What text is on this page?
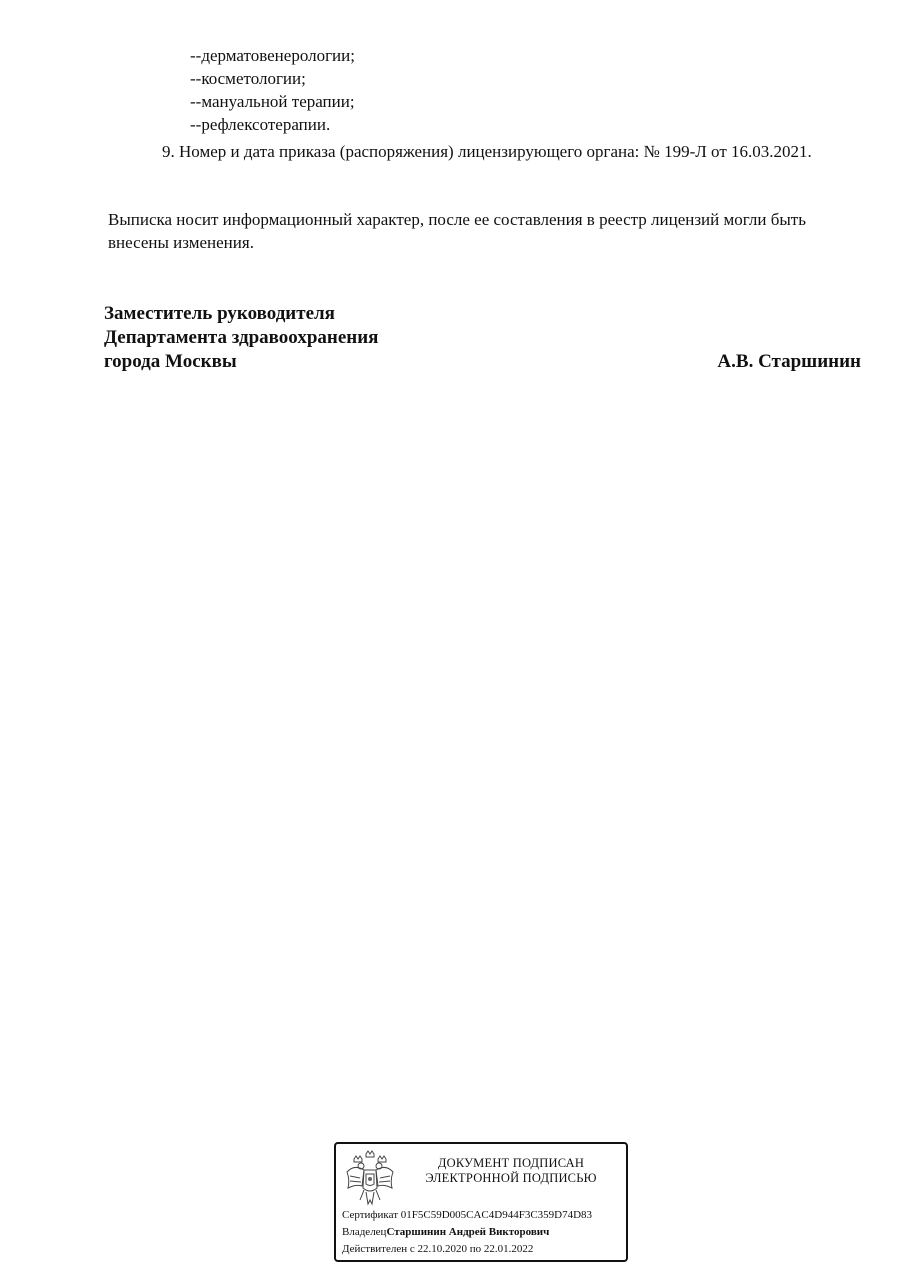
--дерматовенерологии;
--косметологии;
--мануальной терапии;
--рефлексотерапии.
9. Номер и дата приказа (распоряжения) лицензирующего органа: № 199-Л от 16.03.2021.
Выписка носит информационный характер, после ее составления в реестр лицензий могли быть
внесены изменения.
Заместитель руководителя
Департамента здравоохранения
города Москвы	А.В. Старшинин
ДОКУМЕНТ ПОДПИСАН
ЭЛЕКТРОННОЙ ПОДПИСЬЮ
Сертификат 01F5C59D005CAC4D944F3C359D74D83
ВладелецСтаршинин Андрей Викторович
Действителен с 22.10.2020 по 22.01.2022
